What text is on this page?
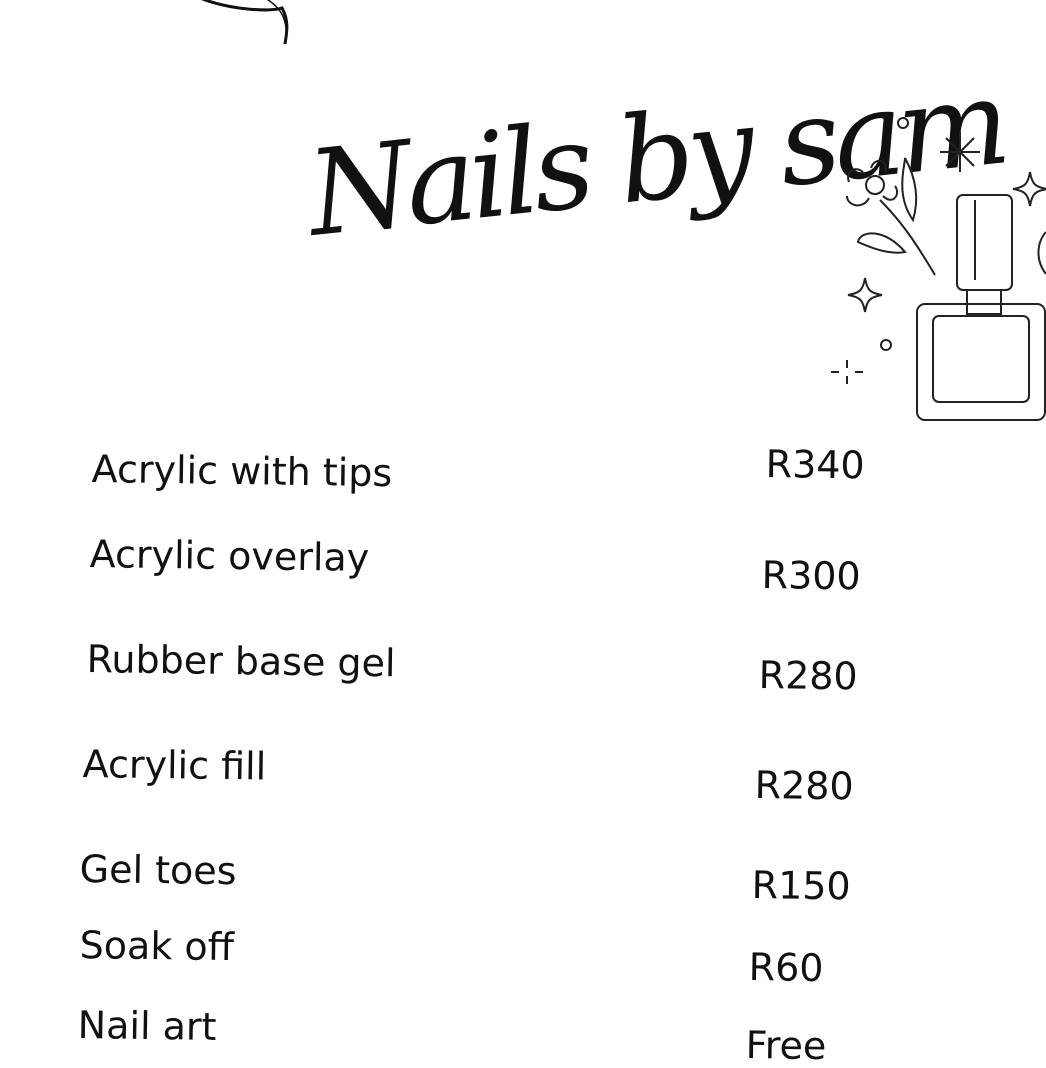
Nails by sam
Acrylic with tips	R340
Acrylic overlay	R300
Rubber base gel	R280
Acrylic fill	R280
Gel toes	R150
Soak off	R60
Nail art	Free
